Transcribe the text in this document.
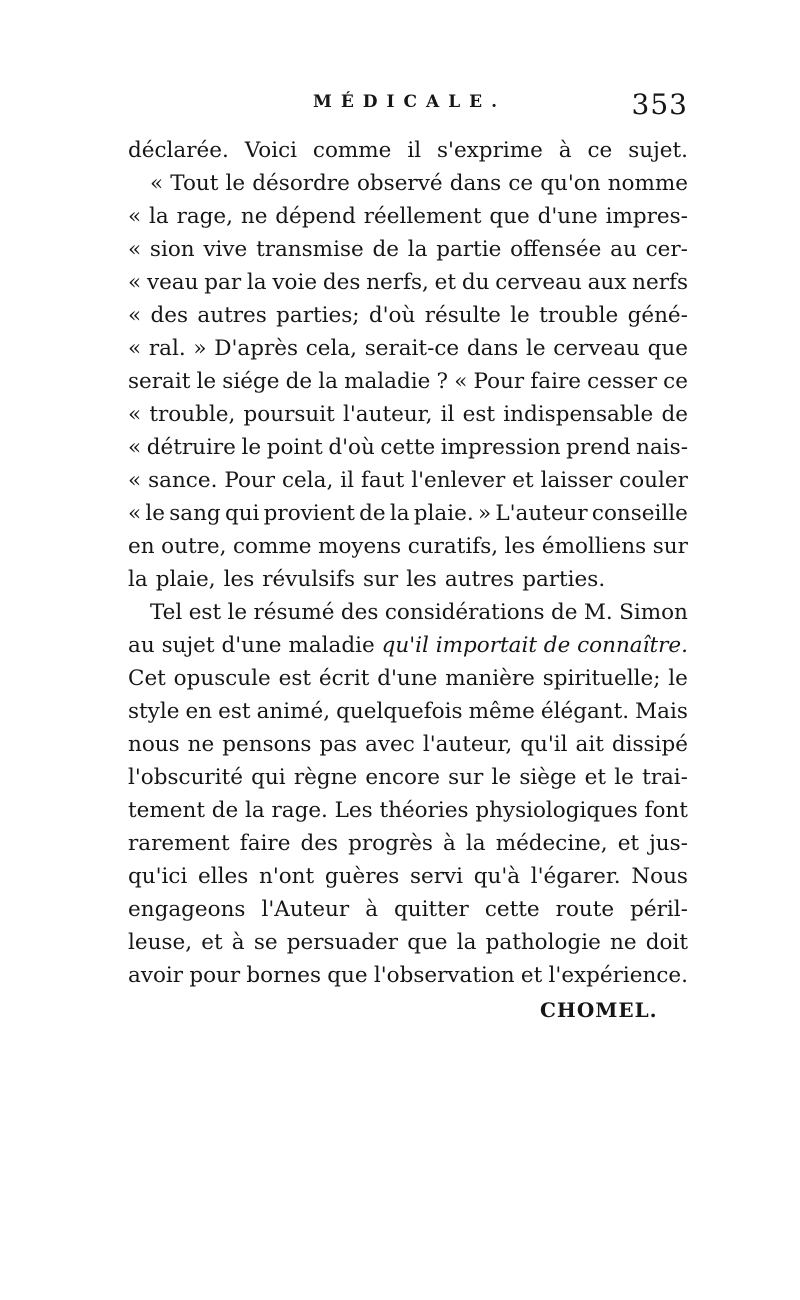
MÉDICALE.	353
déclarée. Voici comme il s'exprime à ce sujet.
« Tout le désordre observé dans ce qu'on nomme
« la rage, ne dépend réellement que d'une impres-
« sion vive transmise de la partie offensée au cer-
« veau par la voie des nerfs, et du cerveau aux nerfs
« des autres parties; d'où résulte le trouble géné-
« ral. » D'après cela, serait-ce dans le cerveau que
serait le siége de la maladie ? « Pour faire cesser ce
« trouble, poursuit l'auteur, il est indispensable de
« détruire le point d'où cette impression prend nais-
« sance. Pour cela, il faut l'enlever et laisser couler
« le sang qui provient de la plaie. » L'auteur conseille
en outre, comme moyens curatifs, les émolliens sur
la plaie, les révulsifs sur les autres parties.
Tel est le résumé des considérations de M. Simon
au sujet d'une maladie qu'il importait de connaître.
Cet opuscule est écrit d'une manière spirituelle; le
style en est animé, quelquefois même élégant. Mais
nous ne pensons pas avec l'auteur, qu'il ait dissipé
l'obscurité qui règne encore sur le siège et le trai-
tement de la rage. Les théories physiologiques font
rarement faire des progrès à la médecine, et jus-
qu'ici elles n'ont guères servi qu'à l'égarer. Nous
engageons l'Auteur à quitter cette route péril-
leuse, et à se persuader que la pathologie ne doit
avoir pour bornes que l'observation et l'expérience.
CHOMEL.
